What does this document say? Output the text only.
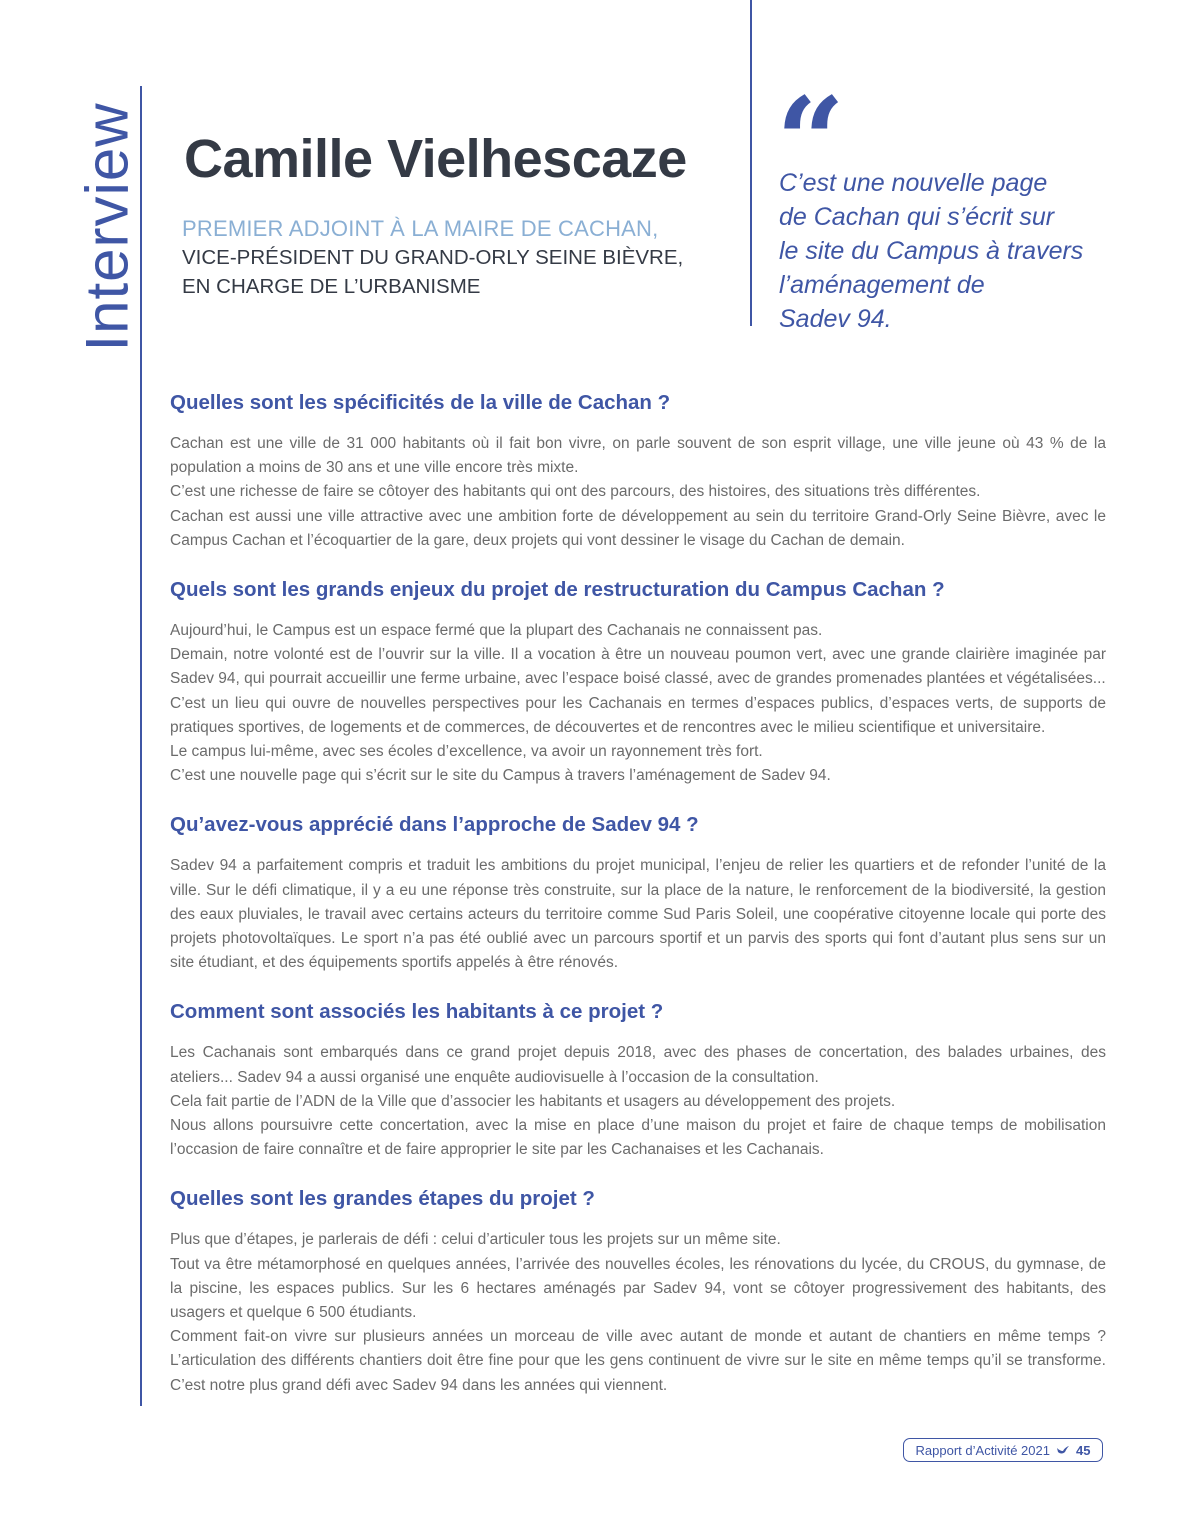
Interview Camille Vielhescaze
PREMIER ADJOINT À LA MAIRE DE CACHAN,
VICE-PRÉSIDENT DU GRAND-ORLY SEINE BIÈVRE,
EN CHARGE DE L’URBANISME
“
C’est une nouvelle page
de Cachan qui s’écrit sur
le site du Campus à travers
l’aménagement de
Sadev 94.
Quelles sont les spécificités de la ville de Cachan ?

Cachan est une ville de 31 000 habitants où il fait bon vivre, on parle souvent de son esprit village, une ville jeune où 43 % de la population a moins de 30 ans et une ville encore très mixte.

C’est une richesse de faire se côtoyer des habitants qui ont des parcours, des histoires, des situations très différentes.

Cachan est aussi une ville attractive avec une ambition forte de développement au sein du territoire Grand-Orly Seine Bièvre, avec le Campus Cachan et l’écoquartier de la gare, deux projets qui vont dessiner le visage du Cachan de demain.

Quels sont les grands enjeux du projet de restructuration du Campus Cachan ?

Aujourd’hui, le Campus est un espace fermé que la plupart des Cachanais ne connaissent pas.

Demain, notre volonté est de l’ouvrir sur la ville. Il a vocation à être un nouveau poumon vert, avec une grande clairière imaginée par Sadev 94, qui pourrait accueillir une ferme urbaine, avec l’espace boisé classé, avec de grandes promenades plantées et végétalisées...

C’est un lieu qui ouvre de nouvelles perspectives pour les Cachanais en termes d’espaces publics, d’espaces verts, de supports de pratiques sportives, de logements et de commerces, de découvertes et de rencontres avec le milieu scientifique et universitaire.

Le campus lui-même, avec ses écoles d’excellence, va avoir un rayonnement très fort.

C’est une nouvelle page qui s’écrit sur le site du Campus à travers l’aménagement de Sadev 94.

Qu’avez-vous apprécié dans l’approche de Sadev 94 ?

Sadev 94 a parfaitement compris et traduit les ambitions du projet municipal, l’enjeu de relier les quartiers et de refonder l’unité de la ville. Sur le défi climatique, il y a eu une réponse très construite, sur la place de la nature, le renforcement de la biodiversité, la gestion des eaux pluviales, le travail avec certains acteurs du territoire comme Sud Paris Soleil, une coopérative citoyenne locale qui porte des projets photovoltaïques. Le sport n’a pas été oublié avec un parcours sportif et un parvis des sports qui font d’autant plus sens sur un site étudiant, et des équipements sportifs appelés à être rénovés.

Comment sont associés les habitants à ce projet ?

Les Cachanais sont embarqués dans ce grand projet depuis 2018, avec des phases de concertation, des balades urbaines, des ateliers... Sadev 94 a aussi organisé une enquête audiovisuelle à l’occasion de la consultation.

Cela fait partie de l’ADN de la Ville que d’associer les habitants et usagers au développement des projets.

Nous allons poursuivre cette concertation, avec la mise en place d’une maison du projet et faire de chaque temps de mobilisation l’occasion de faire connaître et de faire approprier le site par les Cachanaises et les Cachanais.

Quelles sont les grandes étapes du projet ?

Plus que d’étapes, je parlerais de défi : celui d’articuler tous les projets sur un même site.

Tout va être métamorphosé en quelques années, l’arrivée des nouvelles écoles, les rénovations du lycée, du CROUS, du gymnase, de la piscine, les espaces publics. Sur les 6 hectares aménagés par Sadev 94, vont se côtoyer progressivement des habitants, des usagers et quelque 6 500 étudiants.

Comment fait-on vivre sur plusieurs années un morceau de ville avec autant de monde et autant de chantiers en même temps ? L’articulation des différents chantiers doit être fine pour que les gens continuent de vivre sur le site en même temps qu’il se transforme. C’est notre plus grand défi avec Sadev 94 dans les années qui viennent.

Rapport d’Activité 2021 45
